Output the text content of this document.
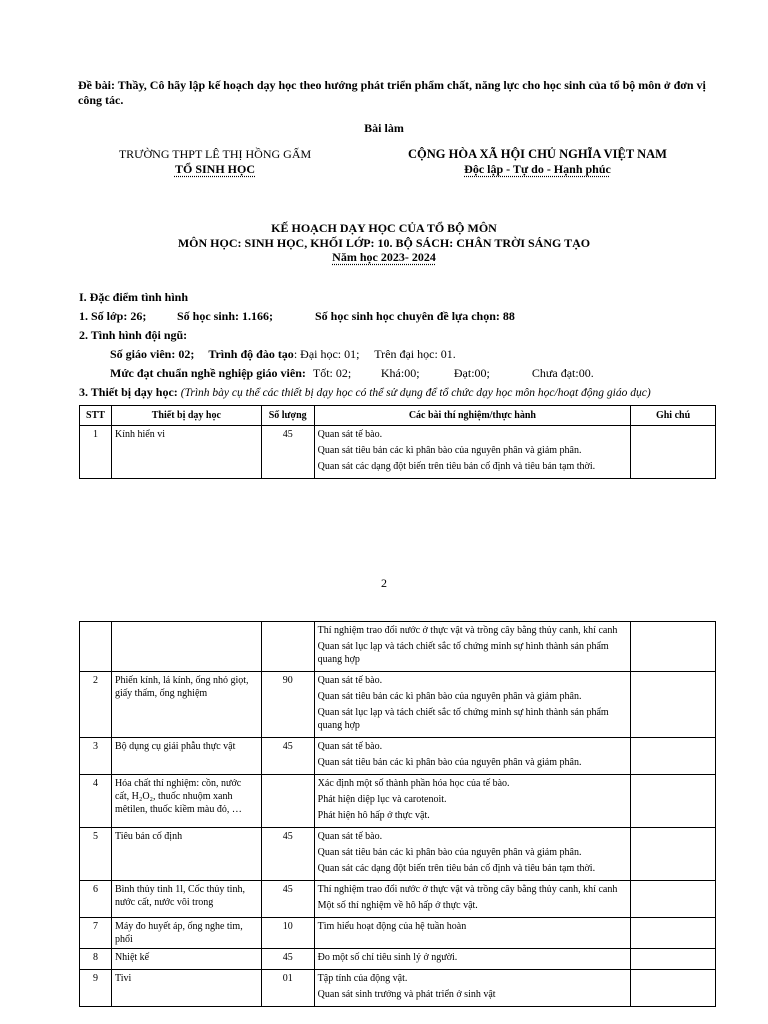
Đề bài: Thầy, Cô hãy lập kế hoạch dạy học theo hướng phát triển phẩm chất, năng lực cho học sinh của tổ bộ môn ở đơn vị công tác.

Bài làm

TRƯỜNG THPT LÊ THỊ HỒNG GẤM

TỔ SINH HỌC

CỘNG HÒA XÃ HỘI CHỦ NGHĨA VIỆT NAM

Độc lập - Tự do - Hạnh phúc

KẾ HOẠCH DẠY HỌC CỦA TỔ BỘ MÔN

MÔN HỌC: SINH HỌC, KHỐI LỚP: 10. BỘ SÁCH: CHÂN TRỜI SÁNG TẠO

Năm học 2023- 2024

I. Đặc điểm tình hình

1. Số lớp: 26;	Số học sinh: 1.166;	Số học sinh học chuyên đề lựa chọn: 88

2. Tình hình đội ngũ:

Số giáo viên: 02; Trình độ đào tạo: Đại học: 01;     Trên đại học: 01.
Mức đạt chuẩn nghề nghiệp giáo viên: Tốt: 02; Khá:00;	Đạt:00;	Chưa đạt:00.
3. Thiết bị dạy học: (Trình bày cụ thể các thiết bị dạy học có thể sử dụng để tổ chức dạy học môn học/hoạt động giáo dục)
STT	Thiết bị dạy học	Số lượng	Các bài thí nghiệm/thực hành	Ghi chú
1	Kính hiển vi	45	Quan sát tế bào.

Quan sát tiêu bản các kì phân bào của nguyên phân và giảm phân.

Quan sát các dạng đột biến trên tiêu bản cố định và tiêu bản tạm thời.	

2

			Thí nghiệm trao đổi nước ở thực vật và trồng cây bằng thủy canh, khí canh

Quan sát lục lạp và tách chiết sắc tố chứng minh sự hình thành sản phẩm quang hợp	

2	Phiến kính, lá kính, ống nhỏ giọt, giấy thấm, ống nghiệm	90	Quan sát tế bào.

Quan sát tiêu bản các kì phân bào của nguyên phân và giảm phân.

Quan sát lục lạp và tách chiết sắc tố chứng minh sự hình thành sản phẩm quang hợp	

3	Bộ dụng cụ giải phẫu thực vật	45	Quan sát tế bào.

Quan sát tiêu bản các kì phân bào của nguyên phân và giảm phân.	

4	Hóa chất thí nghiệm: cồn, nước cất, H₂O₂, thuốc nhuộm xanh mêtilen, thuốc kiềm màu đỏ, …		Xác định một số thành phần hóa học của tế bào.

Phát hiện diệp lục và carotenoit.

Phát hiện hô hấp ở thực vật.	

5	Tiêu bản cố định	45	Quan sát tế bào.

Quan sát tiêu bản các kì phân bào của nguyên phân và giảm phân.

Quan sát các dạng đột biến trên tiêu bản cố định và tiêu bản tạm thời.	

6	Bình thủy tinh 1l, Cốc thủy tinh, nước cất, nước vôi trong	45	Thí nghiệm trao đổi nước ở thực vật và trồng cây bằng thủy canh, khí canh

Một số thí nghiệm về hô hấp ở thực vật.	

7	Máy đo huyết áp, ống nghe tim, phổi	10	Tìm hiểu hoạt động của hệ tuần hoàn	

8	Nhiệt kế	45	Đo một số chỉ tiêu sinh lý ở người.	

9	Tivi	01	Tập tính của động vật.

Quan sát sinh trưởng và phát triển ở sinh vật	
